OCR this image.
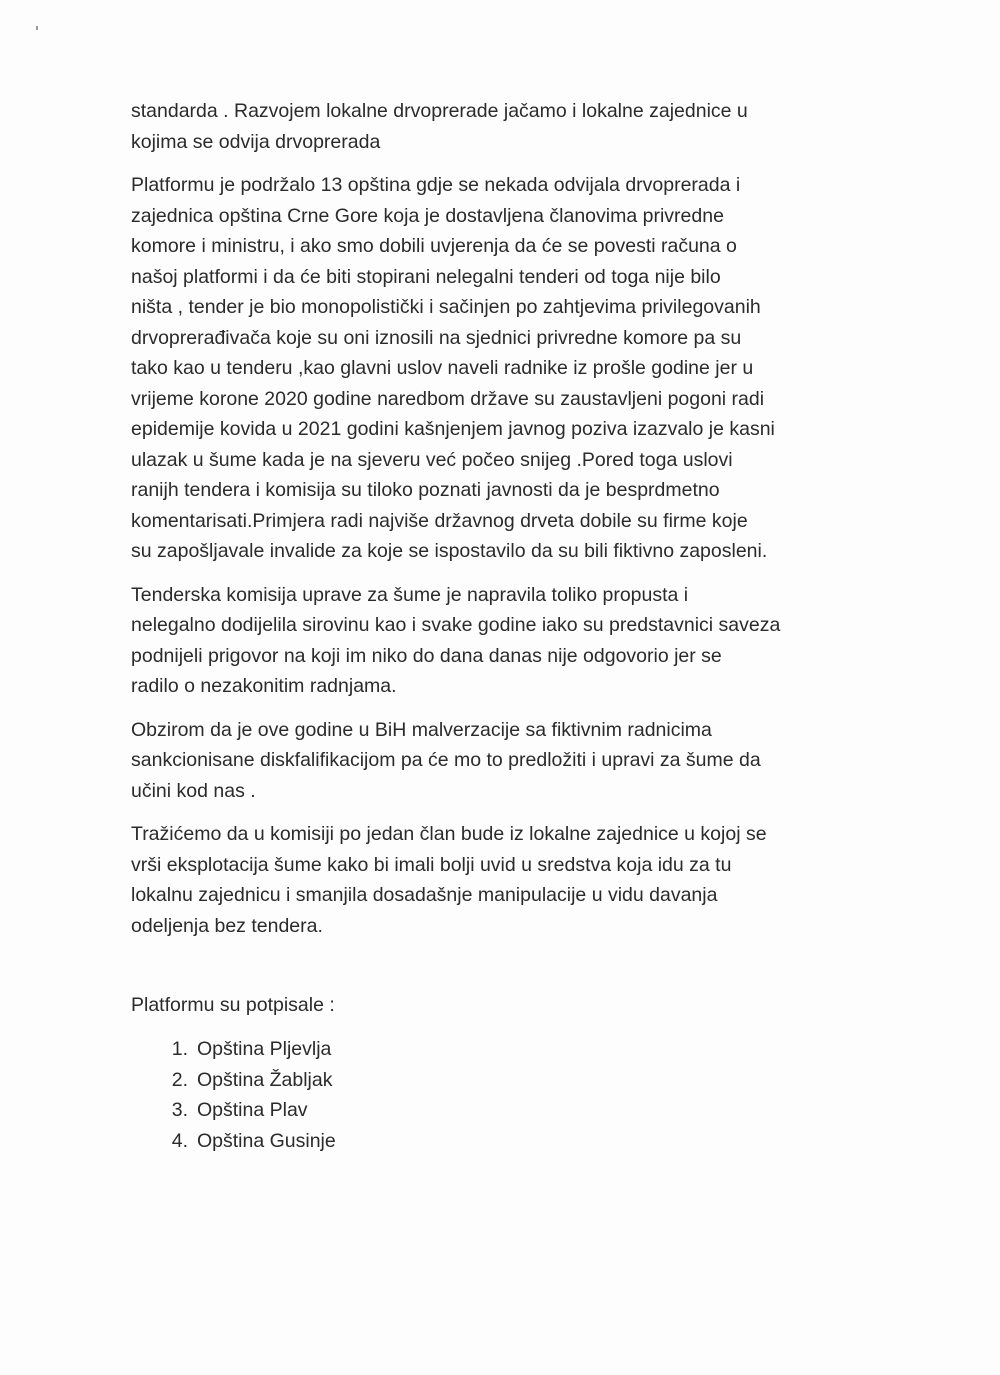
standarda . Razvojem lokalne drvoprerade jačamo i lokalne zajednice u
kojima se odvija drvoprerada

Platformu je podržalo 13 opština gdje se nekada odvijala drvoprerada i
zajednica opština Crne Gore koja je dostavljena članovima privredne
komore i ministru, i ako smo dobili uvjerenja da će se povesti računa o
našoj platformi i da će biti stopirani nelegalni tenderi od toga nije bilo
ništa , tender je bio monopolistički i sačinjen po zahtjevima privilegovanih
drvoprerađivača koje su oni iznosili na sjednici privredne komore pa su
tako kao u tenderu ,kao glavni uslov naveli radnike iz prošle godine jer u
vrijeme korone 2020 godine naredbom države su zaustavljeni pogoni radi
epidemije kovida u 2021 godini kašnjenjem javnog poziva izazvalo je kasni
ulazak u šume kada je na sjeveru već počeo snijeg .Pored toga uslovi
ranijh tendera i komisija su tiloko poznati javnosti da je besprdmetno
komentarisati.Primjera radi najviše državnog drveta dobile su firme koje
su zapošljavale invalide za koje se ispostavilo da su bili fiktivno zaposleni.

Tenderska komisija uprave za šume je napravila toliko propusta i
nelegalno dodijelila sirovinu kao i svake godine iako su predstavnici saveza
podnijeli prigovor na koji im niko do dana danas nije odgovorio jer se
radilo o nezakonitim radnjama.

Obzirom da je ove godine u BiH malverzacije sa fiktivnim radnicima
sankcionisane diskfalifikacijom pa će mo to predložiti i upravi za šume da
učini kod nas .

Tražićemo da u komisiji po jedan član bude iz lokalne zajednice u kojoj se
vrši eksplotacija šume kako bi imali bolji uvid u sredstva koja idu za tu
lokalnu zajednicu i smanjila dosadašnje manipulacije u vidu davanja
odeljenja bez tendera.

Platformu su potpisale :
1. Opština Pljevlja
2. Opština Žabljak
3. Opština Plav
4. Opština Gusinje
